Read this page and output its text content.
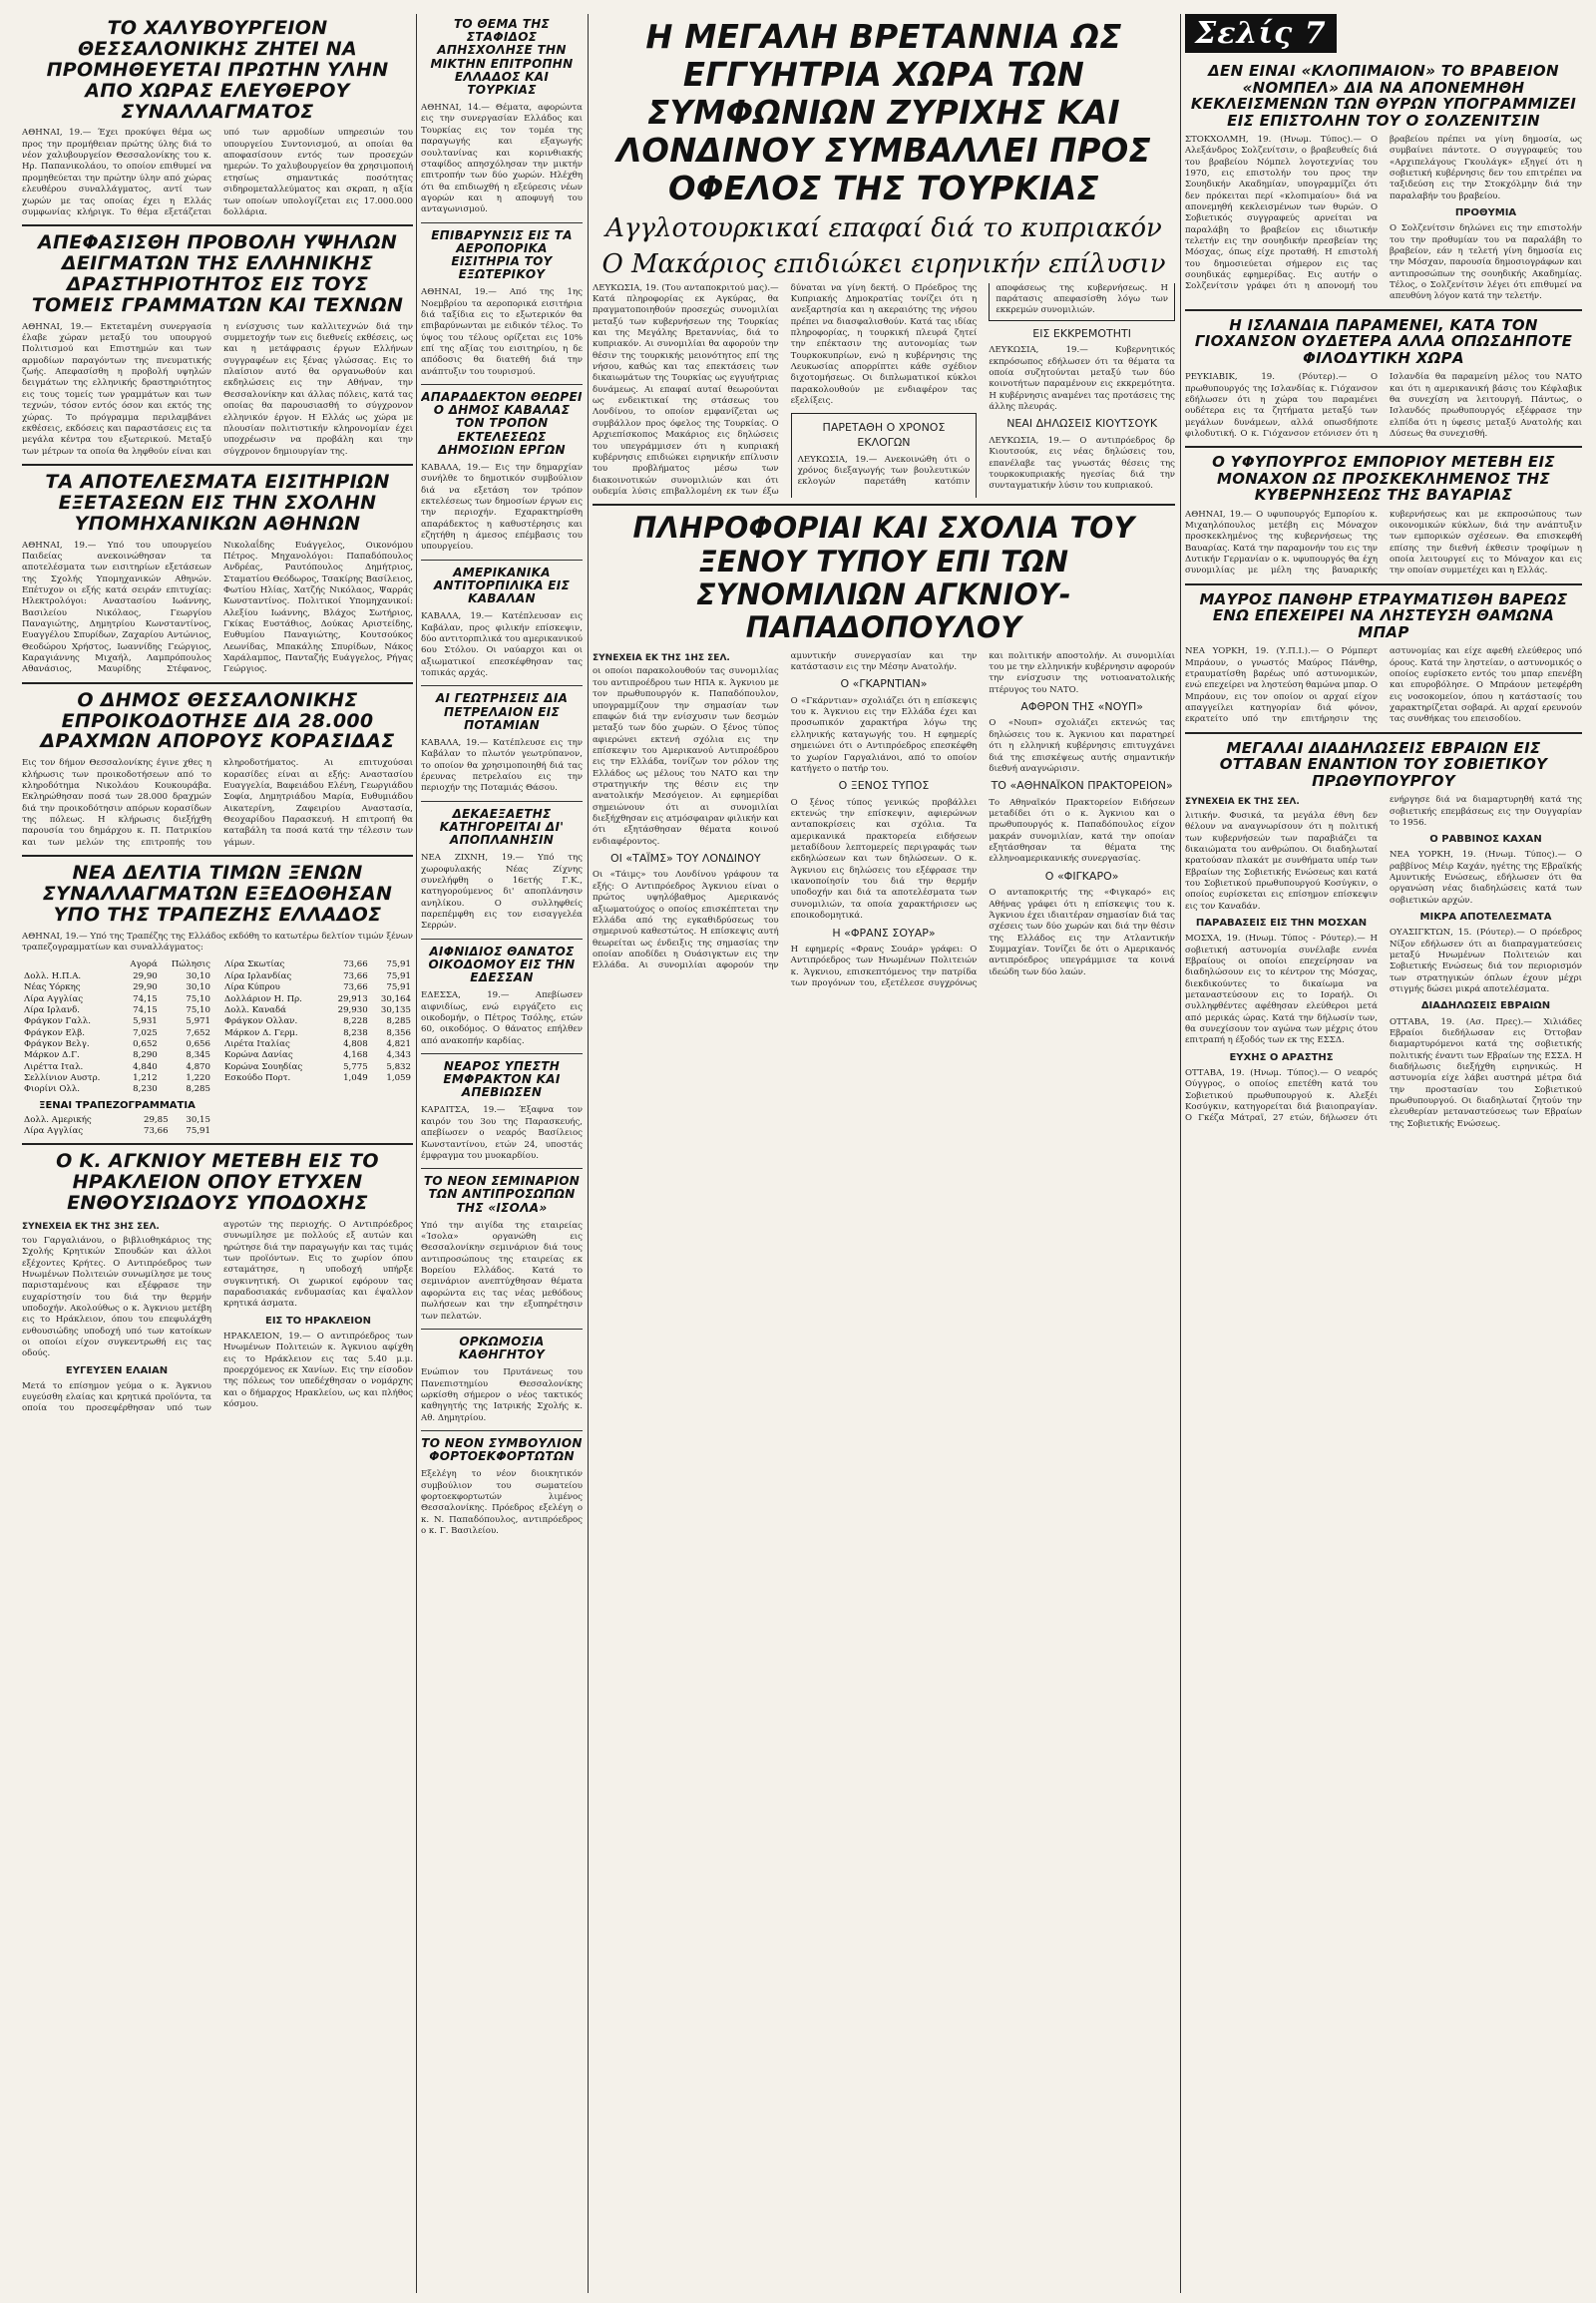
ΤΟ ΧΑΛΥΒΟΥΡΓΕΙΟΝ ΘΕΣΣΑΛΟΝΙΚΗΣ ΖΗΤΕΙ ΝΑ ΠΡΟΜΗΘΕΥΕΤΑΙ ΠΡΩΤΗΝ ΥΛΗΝ ΑΠΟ ΧΩΡΑΣ ΕΛΕΥΘΕΡΟΥ ΣΥΝΑΛΛΑΓΜΑΤΟΣ
ΑΘΗΝΑΙ, 19.— Έχει προκύψει θέμα ως προς την προμήθειαν πρώτης ύλης διά το νέον χαλυβουργείον Θεσσαλονίκης του κ. Ηρ. Παπανικολάου, το οποίον επιθυμεί να προμηθεύεται την πρώτην ύλην από χώρας ελευθέρου συναλλάγματος, αντί των χωρών με τας οποίας έχει η Ελλάς συμφωνίας κλήριγκ. Το θέμα εξετάζεται υπό των αρμοδίων υπηρεσιών του υπουργείου Συντονισμού, αι οποίαι θα αποφασίσουν εντός των προσεχών ημερών. Το χαλυβουργείον θα χρησιμοποιή ετησίως σημαντικάς ποσότητας σιδηρομεταλλεύματος και σκραπ, η αξία των οποίων υπολογίζεται εις 17.000.000 δολλάρια.
ΑΠΕΦΑΣΙΣΘΗ ΠΡΟΒΟΛΗ ΥΨΗΛΩΝ ΔΕΙΓΜΑΤΩΝ ΤΗΣ ΕΛΛΗΝΙΚΗΣ ΔΡΑΣΤΗΡΙΟΤΗΤΟΣ ΕΙΣ ΤΟΥΣ ΤΟΜΕΙΣ ΓΡΑΜΜΑΤΩΝ ΚΑΙ ΤΕΧΝΩΝ
ΑΘΗΝΑΙ, 19.— Εκτεταμένη συνεργασία έλαβε χώραν μεταξύ του υπουργού Πολιτισμού και Επιστημών και των αρμοδίων παραγόντων της πνευματικής ζωής. Απεφασίσθη η προβολή υψηλών δειγμάτων της ελληνικής δραστηριότητος εις τους τομείς των γραμμάτων και των τεχνών, τόσον εντός όσον και εκτός της χώρας. Το πρόγραμμα περιλαμβάνει εκθέσεις, εκδόσεις και παραστάσεις εις τα μεγάλα κέντρα του εξωτερικού. Μεταξύ των μέτρων τα οποία θα ληφθούν είναι και η ενίσχυσις των καλλιτεχνών διά την συμμετοχήν των εις διεθνείς εκθέσεις, ως και η μετάφρασις έργων Ελλήνων συγγραφέων εις ξένας γλώσσας. Εις το πλαίσιον αυτό θα οργανωθούν και εκδηλώσεις εις την Αθήναν, την Θεσσαλονίκην και άλλας πόλεις, κατά τας οποίας θα παρουσιασθή το σύγχρονον ελληνικόν έργον. Η Ελλάς ως χώρα με πλουσίαν πολιτιστικήν κληρονομίαν έχει υποχρέωσιν να προβάλη και την σύγχρονον δημιουργίαν της.
ΤΑ ΑΠΟΤΕΛΕΣΜΑΤΑ ΕΙΣΙΤΗΡΙΩΝ ΕΞΕΤΑΣΕΩΝ ΕΙΣ ΤΗΝ ΣΧΟΛΗΝ ΥΠΟΜΗΧΑΝΙΚΩΝ ΑΘΗΝΩΝ
ΑΘΗΝΑΙ, 19.— Υπό του υπουργείου Παιδείας ανεκοινώθησαν τα αποτελέσματα των εισιτηρίων εξετάσεων της Σχολής Υπομηχανικών Αθηνών. Επέτυχον οι εξής κατά σειράν επιτυχίας: Ηλεκτρολόγοι: Αναστασίου Ιωάννης, Βασιλείου Νικόλαος, Γεωργίου Παναγιώτης, Δημητρίου Κωνσταντίνος, Ευαγγέλου Σπυρίδων, Ζαχαρίου Αντώνιος, Θεοδώρου Χρήστος, Ιωαννίδης Γεώργιος, Καραγιάννης Μιχαήλ, Λαμπρόπουλος Αθανάσιος, Μαυρίδης Στέφανος, Νικολαΐδης Ευάγγελος, Οικονόμου Πέτρος. Μηχανολόγοι: Παπαδόπουλος Ανδρέας, Ραυτόπουλος Δημήτριος, Σταματίου Θεόδωρος, Τσακίρης Βασίλειος, Φωτίου Ηλίας, Χατζής Νικόλαος, Ψαρράς Κωνσταντίνος. Πολιτικοί Υπομηχανικοί: Αλεξίου Ιωάννης, Βλάχος Σωτήριος, Γκίκας Ευστάθιος, Δούκας Αριστείδης, Ευθυμίου Παναγιώτης, Κουτσούκος Λεωνίδας, Μπακάλης Σπυρίδων, Νάκος Χαράλαμπος, Πανταζής Ευάγγελος, Ρήγας Γεώργιος.
Ο ΔΗΜΟΣ ΘΕΣΣΑΛΟΝΙΚΗΣ ΕΠΡΟΙΚΟΔΟΤΗΣΕ ΔΙΑ 28.000 ΔΡΑΧΜΩΝ ΑΠΟΡΟΥΣ ΚΟΡΑΣΙΔΑΣ
Εις τον δήμον Θεσσαλονίκης έγινε χθες η κλήρωσις των προικοδοτήσεων από το κληροδότημα Νικολάου Κουκουράβα. Εκληρώθησαν ποσά των 28.000 δραχμών διά την προικοδότησιν απόρων κορασίδων της πόλεως. Η κλήρωσις διεξήχθη παρουσία του δημάρχου κ. Π. Πατρικίου και των μελών της επιτροπής του κληροδοτήματος. Αι επιτυχούσαι κορασίδες είναι αι εξής: Αναστασίου Ευαγγελία, Βαφειάδου Ελένη, Γεωργιάδου Σοφία, Δημητριάδου Μαρία, Ευθυμιάδου Αικατερίνη, Ζαφειρίου Αναστασία, Θεοχαρίδου Παρασκευή. Η επιτροπή θα καταβάλη τα ποσά κατά την τέλεσιν των γάμων.
ΝΕΑ ΔΕΛΤΙΑ ΤΙΜΩΝ ΞΕΝΩΝ ΣΥΝΑΛΛΑΓΜΑΤΩΝ ΕΞΕΔΟΘΗΣΑΝ ΥΠΟ ΤΗΣ ΤΡΑΠΕΖΗΣ ΕΛΛΑΔΟΣ
ΑΘΗΝΑΙ, 19.— Υπό της Τραπέζης της Ελλάδος εκδόθη το κατωτέρω δελτίον τιμών ξένων τραπεζογραμματίων και συναλλάγματος:
	Αγορά	Πώλησις
Δολλ. Η.Π.Α.	29,90	30,10
Νέας Υόρκης	29,90	30,10
Λίρα Αγγλίας	74,15	75,10
Λίρα Ιρλανδ.	74,15	75,10
Φράγκον Γαλλ.	5,931	5,971
Φράγκον Ελβ.	7,025	7,652
Φράγκον Βελγ.	0,652	0,656
Μάρκον Δ.Γ.	8,290	8,345
Λιρέττα Ιταλ.	4,840	4,870
Σελλίνιον Αυστρ.	1,212	1,220
Φιορίνι Ολλ.	8,230	8,285
ΞΕΝΑΙ ΤΡΑΠΕΖΟΓΡΑΜΜΑΤΙΑ
Δολλ. Αμερικής	29,85	30,15
Λίρα Αγγλίας	73,66	75,91
Λίρα Σκωτίας	73,66	75,91
Λίρα Ιρλανδίας	73,66	75,91
Λίρα Κύπρου	73,66	75,91
Δολλάριον Η. Πρ.	29,913	30,164
Δολλ. Καναδά	29,930	30,135
Φράγκον Ολλαν.	8,228	8,285
Μάρκον Δ. Γερμ.	8,238	8,356
Λιρέτα Ιταλίας	4,808	4,821
Κορώνα Δανίας	4,168	4,343
Κορώνα Σουηδίας	5,775	5,832
Εσκούδο Πορτ.	1,049	1,059
Ο Κ. ΑΓΚΝΙΟΥ ΜΕΤΕΒΗ ΕΙΣ ΤΟ ΗΡΑΚΛΕΙΟΝ ΟΠΟΥ ΕΤΥΧΕΝ ΕΝΘΟΥΣΙΩΔΟΥΣ ΥΠΟΔΟΧΗΣ
ΣΥΝΕΧΕΙΑ ΕΚ ΤΗΣ 3ΗΣ ΣΕΛ.
του Γαργαλιάνου, ο βιβλιοθηκάριος της Σχολής Κρητικών Σπουδών και άλλοι εξέχοντες Κρήτες. Ο Αντιπρόεδρος των Ηνωμένων Πολιτειών συνωμίλησε με τους παρισταμένους και εξέφρασε την ευχαρίστησίν του διά την θερμήν υποδοχήν. Ακολούθως ο κ. Άγκνιου μετέβη εις το Ηράκλειον, όπου του επεφυλάχθη ενθουσιώδης υποδοχή υπό των κατοίκων οι οποίοι είχον συγκεντρωθή εις τας οδούς.
ΕΥΓΕΥΣΕΝ ΕΛΑΙΑΝ
Μετά το επίσημον γεύμα ο κ. Άγκνιου ευγεύσθη ελαίας και κρητικά προϊόντα, τα οποία του προσεφέρθησαν υπό των αγροτών της περιοχής. Ο Αντιπρόεδρος συνωμίλησε με πολλούς εξ αυτών και ηρώτησε διά την παραγωγήν και τας τιμάς των προϊόντων. Εις το χωρίον όπου εσταμάτησε, η υποδοχή υπήρξε συγκινητική. Οι χωρικοί εφόρουν τας παραδοσιακάς ενδυμασίας και έψαλλον κρητικά άσματα.
ΕΙΣ ΤΟ ΗΡΑΚΛΕΙΟΝ
ΗΡΑΚΛΕΙΟΝ, 19.— Ο αντιπρόεδρος των Ηνωμένων Πολιτειών κ. Άγκνιου αφίχθη εις το Ηράκλειον εις τας 5.40 μ.μ. προερχόμενος εκ Χανίων. Εις την είσοδον της πόλεως τον υπεδέχθησαν ο νομάρχης και ο δήμαρχος Ηρακλείου, ως και πλήθος κόσμου.
ΤΟ ΘΕΜΑ ΤΗΣ ΣΤΑΦΙΔΟΣ ΑΠΗΣΧΟΛΗΣΕ ΤΗΝ ΜΙΚΤΗΝ ΕΠΙΤΡΟΠΗΝ ΕΛΛΑΔΟΣ ΚΑΙ ΤΟΥΡΚΙΑΣ
ΑΘΗΝΑΙ, 14.— Θέματα, αφορώντα εις την συνεργασίαν Ελλάδος και Τουρκίας εις τον τομέα της παραγωγής και εξαγωγής σουλτανίνας και κορινθιακής σταφίδος απησχόλησαν την μικτήν επιτροπήν των δύο χωρών. Ηλέχθη ότι θα επιδιωχθή η εξεύρεσις νέων αγορών και η αποφυγή του ανταγωνισμού.
ΕΠΙΒΑΡΥΝΣΙΣ ΕΙΣ ΤΑ ΑΕΡΟΠΟΡΙΚΑ ΕΙΣΙΤΗΡΙΑ ΤΟΥ ΕΞΩΤΕΡΙΚΟΥ
ΑΘΗΝΑΙ, 19.— Από της 1ης Νοεμβρίου τα αεροπορικά εισιτήρια διά ταξίδια εις το εξωτερικόν θα επιβαρύνωνται με ειδικόν τέλος. Το ύψος του τέλους ορίζεται εις 10% επί της αξίας του εισιτηρίου, η δε απόδοσις θα διατεθή διά την ανάπτυξιν του τουρισμού.
ΑΠΑΡΑΔΕΚΤΟΝ ΘΕΩΡΕΙ Ο ΔΗΜΟΣ ΚΑΒΑΛΑΣ ΤΟΝ ΤΡΟΠΟΝ ΕΚΤΕΛΕΣΕΩΣ ΔΗΜΟΣΙΩΝ ΕΡΓΩΝ
ΚΑΒΑΛΑ, 19.— Εις την δημαρχίαν συνήλθε το δημοτικόν συμβούλιον διά να εξετάση τον τρόπον εκτελέσεως των δημοσίων έργων εις την περιοχήν. Εχαρακτηρίσθη απαράδεκτος η καθυστέρησις και εζητήθη η άμεσος επέμβασις του υπουργείου.
ΑΜΕΡΙΚΑΝΙΚΑ ΑΝΤΙΤΟΡΠΙΛΙΚΑ ΕΙΣ ΚΑΒΑΛΑΝ
ΚΑΒΑΛΑ, 19.— Κατέπλευσαν εις Καβάλαν, προς φιλικήν επίσκεψιν, δύο αντιτορπιλικά του αμερικανικού 6ου Στόλου. Οι ναύαρχοι και οι αξιωματικοί επεσκέφθησαν τας τοπικάς αρχάς.
ΑΙ ΓΕΩΤΡΗΣΕΙΣ ΔΙΑ ΠΕΤΡΕΛΑΙΟΝ ΕΙΣ ΠΟΤΑΜΙΑΝ
ΚΑΒΑΛΑ, 19.— Κατέπλευσε εις την Καβάλαν το πλωτόν γεωτρύπανον, το οποίον θα χρησιμοποιηθή διά τας έρευνας πετρελαίου εις την περιοχήν της Ποταμιάς Θάσου.
ΔΕΚΑΕΞΑΕΤΗΣ ΚΑΤΗΓΟΡΕΙΤΑΙ ΔΙ' ΑΠΟΠΛΑΝΗΣΙΝ
ΝΕΑ ΖΙΧΝΗ, 19.— Υπό της χωροφυλακής Νέας Ζίχνης συνελήφθη ο 16ετής Γ.Κ., κατηγορούμενος δι' αποπλάνησιν ανηλίκου. Ο συλληφθείς παρεπέμφθη εις τον εισαγγελέα Σερρών.
ΑΙΦΝΙΔΙΟΣ ΘΑΝΑΤΟΣ ΟΙΚΟΔΟΜΟΥ ΕΙΣ ΤΗΝ ΕΔΕΣΣΑΝ
ΕΔΕΣΣΑ, 19.— Απεβίωσεν αιφνιδίως, ενώ ειργάζετο εις οικοδομήν, ο Πέτρος Τσόλης, ετών 60, οικοδόμος. Ο θάνατος επήλθεν από ανακοπήν καρδίας.
ΝΕΑΡΟΣ ΥΠΕΣΤΗ ΕΜΦΡΑΚΤΟΝ ΚΑΙ ΑΠΕΒΙΩΣΕΝ
ΚΑΡΔΙΤΣΑ, 19.— Έξαφνα τον καιρόν του 3ου της Παρασκευής, απεβίωσεν ο νεαρός Βασίλειος Κωνσταντίνου, ετών 24, υποστάς έμφραγμα του μυοκαρδίου.
ΤΟ ΝΕΟΝ ΣΕΜΙΝΑΡΙΟΝ ΤΩΝ ΑΝΤΙΠΡΟΣΩΠΩΝ ΤΗΣ «ΙΣΟΛΑ»
Υπό την αιγίδα της εταιρείας «Ίσολα» οργανώθη εις Θεσσαλονίκην σεμινάριον διά τους αντιπροσώπους της εταιρείας εκ Βορείου Ελλάδος. Κατά το σεμινάριον ανεπτύχθησαν θέματα αφορώντα εις τας νέας μεθόδους πωλήσεων και την εξυπηρέτησιν των πελατών.
ΟΡΚΩΜΟΣΙΑ ΚΑΘΗΓΗΤΟΥ
Ενώπιον του Πρυτάνεως του Πανεπιστημίου Θεσσαλονίκης ωρκίσθη σήμερον ο νέος τακτικός καθηγητής της Ιατρικής Σχολής κ. Αθ. Δημητρίου.
ΤΟ ΝΕΟΝ ΣΥΜΒΟΥΛΙΟΝ ΦΟΡΤΟΕΚΦΟΡΤΩΤΩΝ
Εξελέγη το νέον διοικητικόν συμβούλιον του σωματείου φορτοεκφορτωτών λιμένος Θεσσαλονίκης. Πρόεδρος εξελέγη ο κ. Ν. Παπαδόπουλος, αντιπρόεδρος ο κ. Γ. Βασιλείου.
Η ΜΕΓΑΛΗ ΒΡΕΤΑΝΝΙΑ ΩΣ ΕΓΓΥΗΤΡΙΑ ΧΩΡΑ ΤΩΝ ΣΥΜΦΩΝΙΩΝ ΖΥΡΙΧΗΣ ΚΑΙ ΛΟΝΔΙΝΟΥ ΣΥΜΒΑΛΛΕΙ ΠΡΟΣ ΟΦΕΛΟΣ ΤΗΣ ΤΟΥΡΚΙΑΣ
Αγγλοτουρκικαί επαφαί διά το κυπριακόν
Ο Μακάριος επιδιώκει ειρηνικήν επίλυσιν
ΛΕΥΚΩΣΙΑ, 19. (Του ανταποκριτού μας).— Κατά πληροφορίας εκ Αγκύρας, θα πραγματοποιηθούν προσεχώς συνομιλίαι μεταξύ των κυβερνήσεων της Τουρκίας και της Μεγάλης Βρεταννίας, διά το κυπριακόν. Αι συνομιλίαι θα αφορούν την θέσιν της τουρκικής μειονότητος επί της νήσου, καθώς και τας επεκτάσεις των δικαιωμάτων της Τουρκίας ως εγγυήτριας δυνάμεως. Αι επαφαί αυταί θεωρούνται ως ενδεικτικαί της στάσεως του Λονδίνου, το οποίον εμφανίζεται ως συμβάλλον προς όφελος της Τουρκίας. Ο Αρχιεπίσκοπος Μακάριος εις δηλώσεις του υπεγράμμισεν ότι η κυπριακή κυβέρνησις επιδιώκει ειρηνικήν επίλυσιν του προβλήματος μέσω των διακοινοτικών συνομιλιών και ότι ουδεμία λύσις επιβαλλομένη εκ των έξω δύναται να γίνη δεκτή. Ο Πρόεδρος της Κυπριακής Δημοκρατίας τονίζει ότι η ανεξαρτησία και η ακεραιότης της νήσου πρέπει να διασφαλισθούν. Κατά τας ιδίας πληροφορίας, η τουρκική πλευρά ζητεί την επέκτασιν της αυτονομίας των Τουρκοκυπρίων, ενώ η κυβέρνησις της Λευκωσίας απορρίπτει κάθε σχέδιον διχοτομήσεως. Οι διπλωματικοί κύκλοι παρακολουθούν με ενδιαφέρον τας εξελίξεις.
ΠΑΡΕΤΑΘΗ Ο ΧΡΟΝΟΣ ΕΚΛΟΓΩΝ
ΛΕΥΚΩΣΙΑ, 19.— Ανεκοινώθη ότι ο χρόνος διεξαγωγής των βουλευτικών εκλογών παρετάθη κατόπιν αποφάσεως της κυβερνήσεως. Η παράτασις απεφασίσθη λόγω των εκκρεμών συνομιλιών.
ΕΙΣ ΕΚΚΡΕΜΟΤΗΤΙ
ΛΕΥΚΩΣΙΑ, 19.— Κυβερνητικός εκπρόσωπος εδήλωσεν ότι τα θέματα τα οποία συζητούνται μεταξύ των δύο κοινοτήτων παραμένουν εις εκκρεμότητα. Η κυβέρνησις αναμένει τας προτάσεις της άλλης πλευράς.
ΝΕΑΙ ΔΗΛΩΣΕΙΣ ΚΙΟΥΤΣΟΥΚ
ΛΕΥΚΩΣΙΑ, 19.— Ο αντιπρόεδρος δρ Κιουτσούκ, εις νέας δηλώσεις του, επανέλαβε τας γνωστάς θέσεις της τουρκοκυπριακής ηγεσίας διά την συνταγματικήν λύσιν του κυπριακού.
ΠΛΗΡΟΦΟΡΙΑΙ ΚΑΙ ΣΧΟΛΙΑ ΤΟΥ ΞΕΝΟΥ ΤΥΠΟΥ ΕΠΙ ΤΩΝ ΣΥΝΟΜΙΛΙΩΝ ΑΓΚΝΙΟΥ-ΠΑΠΑΔΟΠΟΥΛΟΥ
ΣΥΝΕΧΕΙΑ ΕΚ ΤΗΣ 1ΗΣ ΣΕΛ.
οι οποίοι παρακολουθούν τας συνομιλίας του αντιπροέδρου των ΗΠΑ κ. Άγκνιου με τον πρωθυπουργόν κ. Παπαδόπουλον, υπογραμμίζουν την σημασίαν των επαφών διά την ενίσχυσιν των δεσμών μεταξύ των δύο χωρών. Ο ξένος τύπος αφιερώνει εκτενή σχόλια εις την επίσκεψιν του Αμερικανού Αντιπροέδρου εις την Ελλάδα, τονίζων τον ρόλον της Ελλάδος ως μέλους του ΝΑΤΟ και την στρατηγικήν της θέσιν εις την ανατολικήν Μεσόγειον. Αι εφημερίδαι σημειώνουν ότι αι συνομιλίαι διεξήχθησαν εις ατμόσφαιραν φιλικήν και ότι εξητάσθησαν θέματα κοινού ενδιαφέροντος.
ΟΙ «ΤΑΪΜΣ» ΤΟΥ ΛΟΝΔΙΝΟΥ
Οι «Τάιμς» του Λονδίνου γράφουν τα εξής: Ο Αντιπρόεδρος Άγκνιου είναι ο πρώτος υψηλόβαθμος Αμερικανός αξιωματούχος ο οποίος επισκέπτεται την Ελλάδα από της εγκαθιδρύσεως του σημερινού καθεστώτος. Η επίσκεψις αυτή θεωρείται ως ένδειξις της σημασίας την οποίαν αποδίδει η Ουάσιγκτων εις την Ελλάδα. Αι συνομιλίαι αφορούν την αμυντικήν συνεργασίαν και την κατάστασιν εις την Μέσην Ανατολήν.
Ο «ΓΚΑΡΝΤΙΑΝ»
Ο «Γκάρντιαν» σχολιάζει ότι η επίσκεψις του κ. Άγκνιου εις την Ελλάδα έχει και προσωπικόν χαρακτήρα λόγω της ελληνικής καταγωγής του. Η εφημερίς σημειώνει ότι ο Αντιπρόεδρος επεσκέφθη το χωρίον Γαργαλιάνοι, από το οποίον κατήγετο ο πατήρ του.
Ο ΞΕΝΟΣ ΤΥΠΟΣ
Ο ξένος τύπος γενικώς προβάλλει εκτενώς την επίσκεψιν, αφιερώνων ανταποκρίσεις και σχόλια. Τα αμερικανικά πρακτορεία ειδήσεων μεταδίδουν λεπτομερείς περιγραφάς των εκδηλώσεων και των δηλώσεων. Ο κ. Άγκνιου εις δηλώσεις του εξέφρασε την ικανοποίησίν του διά την θερμήν υποδοχήν και διά τα αποτελέσματα των συνομιλιών, τα οποία χαρακτήρισεν ως εποικοδομητικά.
Η «ΦΡΑΝΣ ΣΟΥΑΡ»
Η εφημερίς «Φρανς Σουάρ» γράφει: Ο Αντιπρόεδρος των Ηνωμένων Πολιτειών κ. Άγκνιου, επισκεπτόμενος την πατρίδα των προγόνων του, εξετέλεσε συγχρόνως και πολιτικήν αποστολήν. Αι συνομιλίαι του με την ελληνικήν κυβέρνησιν αφορούν την ενίσχυσιν της νοτιοανατολικής πτέρυγος του ΝΑΤΟ.
ΑΦΘΡΟΝ ΤΗΣ «ΝΟΥΠ»
Ο «Νουπ» σχολιάζει εκτενώς τας δηλώσεις του κ. Άγκνιου και παρατηρεί ότι η ελληνική κυβέρνησις επιτυγχάνει διά της επισκέψεως αυτής σημαντικήν διεθνή αναγνώρισιν.
ΤΟ «ΑΘΗΝΑΪΚΟΝ ΠΡΑΚΤΟΡΕΙΟΝ»
Το Αθηναϊκόν Πρακτορείον Ειδήσεων μεταδίδει ότι ο κ. Άγκνιου και ο πρωθυπουργός κ. Παπαδόπουλος είχον μακράν συνομιλίαν, κατά την οποίαν εξητάσθησαν τα θέματα της ελληνοαμερικανικής συνεργασίας.
Ο «ΦΙΓΚΑΡΟ»
Ο ανταποκριτής της «Φιγκαρό» εις Αθήνας γράφει ότι η επίσκεψις του κ. Άγκνιου έχει ιδιαιτέραν σημασίαν διά τας σχέσεις των δύο χωρών και διά την θέσιν της Ελλάδος εις την Ατλαντικήν Συμμαχίαν. Τονίζει δε ότι ο Αμερικανός αντιπρόεδρος υπεγράμμισε τα κοινά ιδεώδη των δύο λαών.
Σελίς 7
ΔΕΝ ΕΙΝΑΙ «ΚΛΟΠΙΜΑΙΟΝ» ΤΟ ΒΡΑΒΕΙΟΝ «ΝΟΜΠΕΛ» ΔΙΑ ΝΑ ΑΠΟΝΕΜΗΘΗ ΚΕΚΛΕΙΣΜΕΝΩΝ ΤΩΝ ΘΥΡΩΝ ΥΠΟΓΡΑΜΜΙΖΕΙ ΕΙΣ ΕΠΙΣΤΟΛΗΝ ΤΟΥ Ο ΣΟΛΖΕΝΙΤΣΙΝ
ΣΤΟΚΧΟΛΜΗ, 19. (Ηνωμ. Τύπος).— Ο Αλεξάνδρος Σολζενίτσιν, ο βραβευθείς διά του βραβείου Νόμπελ λογοτεχνίας του 1970, εις επιστολήν του προς την Σουηδικήν Ακαδημίαν, υπογραμμίζει ότι δεν πρόκειται περί «κλοπιμαίου» διά να απονεμηθή κεκλεισμένων των θυρών. Ο Σοβιετικός συγγραφεύς αρνείται να παραλάβη το βραβείον εις ιδιωτικήν τελετήν εις την σουηδικήν πρεσβείαν της Μόσχας, όπως είχε προταθή. Η επιστολή του δημοσιεύεται σήμερον εις τας σουηδικάς εφημερίδας. Εις αυτήν ο Σολζενίτσιν γράφει ότι η απονομή του βραβείου πρέπει να γίνη δημοσία, ως συμβαίνει πάντοτε. Ο συγγραφεύς του «Αρχιπελάγους Γκουλάγκ» εξηγεί ότι η σοβιετική κυβέρνησις δεν του επιτρέπει να ταξιδεύση εις την Στοκχόλμην διά την παραλαβήν του βραβείου.
ΠΡΟΘΥΜΙΑ
Ο Σολζενίτσιν δηλώνει εις την επιστολήν του την προθυμίαν του να παραλάβη το βραβείον, εάν η τελετή γίνη δημοσία εις την Μόσχαν, παρουσία δημοσιογράφων και αντιπροσώπων της σουηδικής Ακαδημίας. Τέλος, ο Σολζενίτσιν λέγει ότι επιθυμεί να απευθύνη λόγον κατά την τελετήν.
Η ΙΣΛΑΝΔΙΑ ΠΑΡΑΜΕΝΕΙ, ΚΑΤΑ ΤΟΝ ΓΙΟΧΑΝΣΟΝ ΟΥΔΕΤΕΡΑ ΑΛΛΑ ΟΠΩΣΔΗΠΟΤΕ ΦΙΛΟΔΥΤΙΚΗ ΧΩΡΑ
ΡΕΥΚΙΑΒΙΚ, 19. (Ρόυτερ).— Ο πρωθυπουργός της Ισλανδίας κ. Γιόχανσον εδήλωσεν ότι η χώρα του παραμένει ουδέτερα εις τα ζητήματα μεταξύ των μεγάλων δυνάμεων, αλλά οπωσδήποτε φιλοδυτική. Ο κ. Γιόχανσον ετόνισεν ότι η Ισλανδία θα παραμείνη μέλος του ΝΑΤΟ και ότι η αμερικανική βάσις του Κέφλαβικ θα συνεχίση να λειτουργή. Πάντως, ο Ισλανδός πρωθυπουργός εξέφρασε την ελπίδα ότι η ύφεσις μεταξύ Ανατολής και Δύσεως θα συνεχισθή.
Ο ΥΦΥΠΟΥΡΓΟΣ ΕΜΠΟΡΙΟΥ ΜΕΤΕΒΗ ΕΙΣ ΜΟΝΑΧΟΝ ΩΣ ΠΡΟΣΚΕΚΛΗΜΕΝΟΣ ΤΗΣ ΚΥΒΕΡΝΗΣΕΩΣ ΤΗΣ ΒΑΥΑΡΙΑΣ
ΑΘΗΝΑΙ, 19.— Ο υφυπουργός Εμπορίου κ. Μιχαηλόπουλος μετέβη εις Μόναχον προσκεκλημένος της κυβερνήσεως της Βαυαρίας. Κατά την παραμονήν του εις την Δυτικήν Γερμανίαν ο κ. υφυπουργός θα έχη συνομιλίας με μέλη της βαυαρικής κυβερνήσεως και με εκπροσώπους των οικονομικών κύκλων, διά την ανάπτυξιν των εμπορικών σχέσεων. Θα επισκεφθή επίσης την διεθνή έκθεσιν τροφίμων η οποία λειτουργεί εις το Μόναχον και εις την οποίαν συμμετέχει και η Ελλάς.
ΜΑΥΡΟΣ ΠΑΝΘΗΡ ΕΤΡΑΥΜΑΤΙΣΘΗ ΒΑΡΕΩΣ ΕΝΩ ΕΠΕΧΕΙΡΕΙ ΝΑ ΛΗΣΤΕΥΣΗ ΘΑΜΩΝΑ ΜΠΑΡ
ΝΕΑ ΥΟΡΚΗ, 19. (Υ.Π.Ι.).— Ο Ρόμπερτ Μπράουν, ο γνωστός Μαύρος Πάνθηρ, ετραυματίσθη βαρέως υπό αστυνομικών, ενώ επεχείρει να ληστεύση θαμώνα μπαρ. Ο Μπράουν, εις τον οποίον οι αρχαί είχον απαγγείλει κατηγορίαν διά φόνον, εκρατείτο υπό την επιτήρησιν της αστυνομίας και είχε αφεθή ελεύθερος υπό όρους. Κατά την ληστείαν, ο αστυνομικός ο οποίος ευρίσκετο εντός του μπαρ επενέβη και επυροβόλησε. Ο Μπράουν μετεφέρθη εις νοσοκομείον, όπου η κατάστασίς του χαρακτηρίζεται σοβαρά. Αι αρχαί ερευνούν τας συνθήκας του επεισοδίου.
ΜΕΓΑΛΑΙ ΔΙΑΔΗΛΩΣΕΙΣ ΕΒΡΑΙΩΝ ΕΙΣ ΟΤΤΑΒΑΝ ΕΝΑΝΤΙΟΝ ΤΟΥ ΣΟΒΙΕΤΙΚΟΥ ΠΡΩΘΥΠΟΥΡΓΟΥ
ΣΥΝΕΧΕΙΑ ΕΚ ΤΗΣ ΣΕΛ.
λιτικήν. Φυσικά, τα μεγάλα έθνη δεν θέλουν να αναγνωρίσουν ότι η πολιτική των κυβερνήσεών των παραβιάζει τα δικαιώματα του ανθρώπου. Οι διαδηλωταί κρατούσαν πλακάτ με συνθήματα υπέρ των Εβραίων της Σοβιετικής Ενώσεως και κατά του Σοβιετικού πρωθυπουργού Κοσύγκιν, ο οποίος ευρίσκεται εις επίσημον επίσκεψιν εις τον Καναδάν.
ΠΑΡΑΒΑΣΕΙΣ ΕΙΣ ΤΗΝ ΜΟΣΧΑΝ
ΜΟΣΧΑ, 19. (Ηνωμ. Τύπος - Ρόυτερ).— Η σοβιετική αστυνομία συνέλαβε εννέα Εβραίους οι οποίοι επεχείρησαν να διαδηλώσουν εις το κέντρον της Μόσχας, διεκδικούντες το δικαίωμα να μεταναστεύσουν εις το Ισραήλ. Οι συλληφθέντες αφέθησαν ελεύθεροι μετά από μερικάς ώρας. Κατά την δήλωσίν των, θα συνεχίσουν τον αγώνα των μέχρις ότου επιτραπή η έξοδός των εκ της ΕΣΣΔ.
ΕΥΧΗΣ Ο ΑΡΑΣΤΗΣ
ΟΤΤΑΒΑ, 19. (Ηνωμ. Τύπος).— Ο νεαρός Ούγγρος, ο οποίος επετέθη κατά του Σοβιετικού πρωθυπουργού κ. Αλεξέι Κοσύγκιν, κατηγορείται διά βιαιοπραγίαν. Ο Γκέζα Μάτραϊ, 27 ετών, δήλωσεν ότι ενήργησε διά να διαμαρτυρηθή κατά της σοβιετικής επεμβάσεως εις την Ουγγαρίαν το 1956.
Ο ΡΑΒΒΙΝΟΣ ΚΑΧΑΝ
ΝΕΑ ΥΟΡΚΗ, 19. (Ηνωμ. Τύπος).— Ο ραββίνος Μέιρ Καχάν, ηγέτης της Εβραϊκής Αμυντικής Ενώσεως, εδήλωσεν ότι θα οργανώση νέας διαδηλώσεις κατά των σοβιετικών αρχών.
ΜΙΚΡΑ ΑΠΟΤΕΛΕΣΜΑΤΑ
ΟΥΑΣΙΓΚΤΩΝ, 15. (Ρόυτερ).— Ο πρόεδρος Νίξον εδήλωσεν ότι αι διαπραγματεύσεις μεταξύ Ηνωμένων Πολιτειών και Σοβιετικής Ενώσεως διά τον περιορισμόν των στρατηγικών όπλων έχουν μέχρι στιγμής δώσει μικρά αποτελέσματα.
ΔΙΑΔΗΛΩΣΕΙΣ ΕΒΡΑΙΩΝ
ΟΤΤΑΒΑ, 19. (Ασ. Πρες).— Χιλιάδες Εβραίοι διεδήλωσαν εις Όττοβαν διαμαρτυρόμενοι κατά της σοβιετικής πολιτικής έναντι των Εβραίων της ΕΣΣΔ. Η διαδήλωσις διεξήχθη ειρηνικώς. Η αστυνομία είχε λάβει αυστηρά μέτρα διά την προστασίαν του Σοβιετικού πρωθυπουργού. Οι διαδηλωταί ζητούν την ελευθερίαν μεταναστεύσεως των Εβραίων της Σοβιετικής Ενώσεως.
